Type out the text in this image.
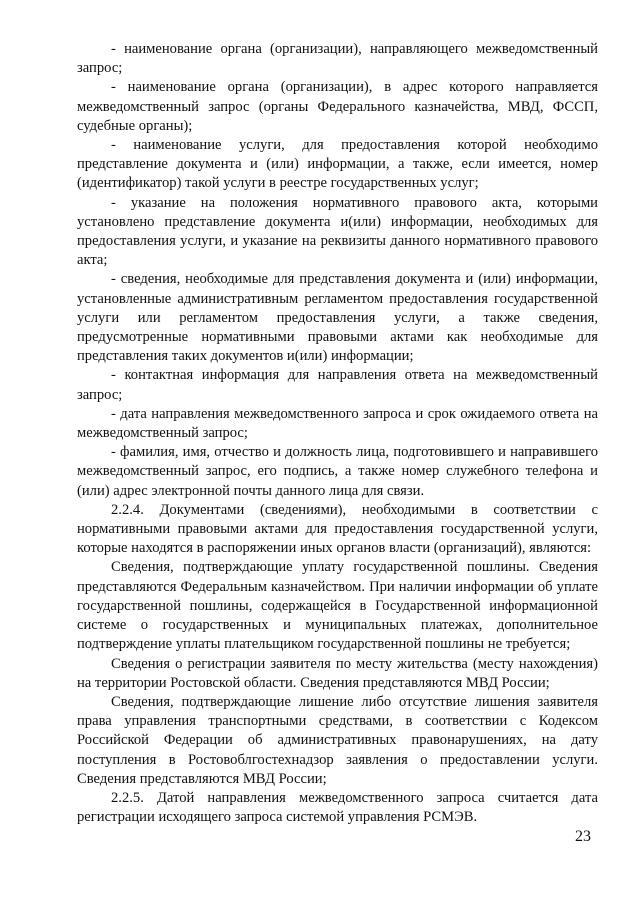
- наименование органа (организации), направляющего межведомственный запрос;

- наименование органа (организации), в адрес которого направляется межведомственный запрос (органы Федерального казначейства, МВД, ФССП, судебные органы);

- наименование услуги, для предоставления которой необходимо представление документа и (или) информации, а также, если имеется, номер (идентификатор) такой услуги в реестре государственных услуг;

- указание на положения нормативного правового акта, которыми установлено представление документа и(или) информации, необходимых для предоставления услуги, и указание на реквизиты данного нормативного правового акта;

- сведения, необходимые для представления документа и (или) информации, установленные административным регламентом предоставления государственной услуги или регламентом предоставления услуги, а также сведения, предусмотренные нормативными правовыми актами как необходимые для представления таких документов и(или) информации;

- контактная информация для направления ответа на межведомственный запрос;

- дата направления межведомственного запроса и срок ожидаемого ответа на межведомственный запрос;

- фамилия, имя, отчество и должность лица, подготовившего и направившего межведомственный запрос, его подпись, а также номер служебного телефона и (или) адрес электронной почты данного лица для связи.

2.2.4. Документами (сведениями), необходимыми в соответствии с нормативными правовыми актами для предоставления государственной услуги, которые находятся в распоряжении иных органов власти (организаций), являются:

Сведения, подтверждающие уплату государственной пошлины. Сведения представляются Федеральным казначейством. При наличии информации об уплате государственной пошлины, содержащейся в Государственной информационной системе о государственных и муниципальных платежах, дополнительное подтверждение уплаты плательщиком государственной пошлины не требуется;

Сведения о регистрации заявителя по месту жительства (месту нахождения) на территории Ростовской области. Сведения представляются МВД России;

Сведения, подтверждающие лишение либо отсутствие лишения заявителя права управления транспортными средствами, в соответствии с Кодексом Российской Федерации об административных правонарушениях, на дату поступления в Ростовоблгостехнадзор заявления о предоставлении услуги. Сведения представляются МВД России;

2.2.5. Датой направления межведомственного запроса считается дата регистрации исходящего запроса системой управления РСМЭВ.

23
